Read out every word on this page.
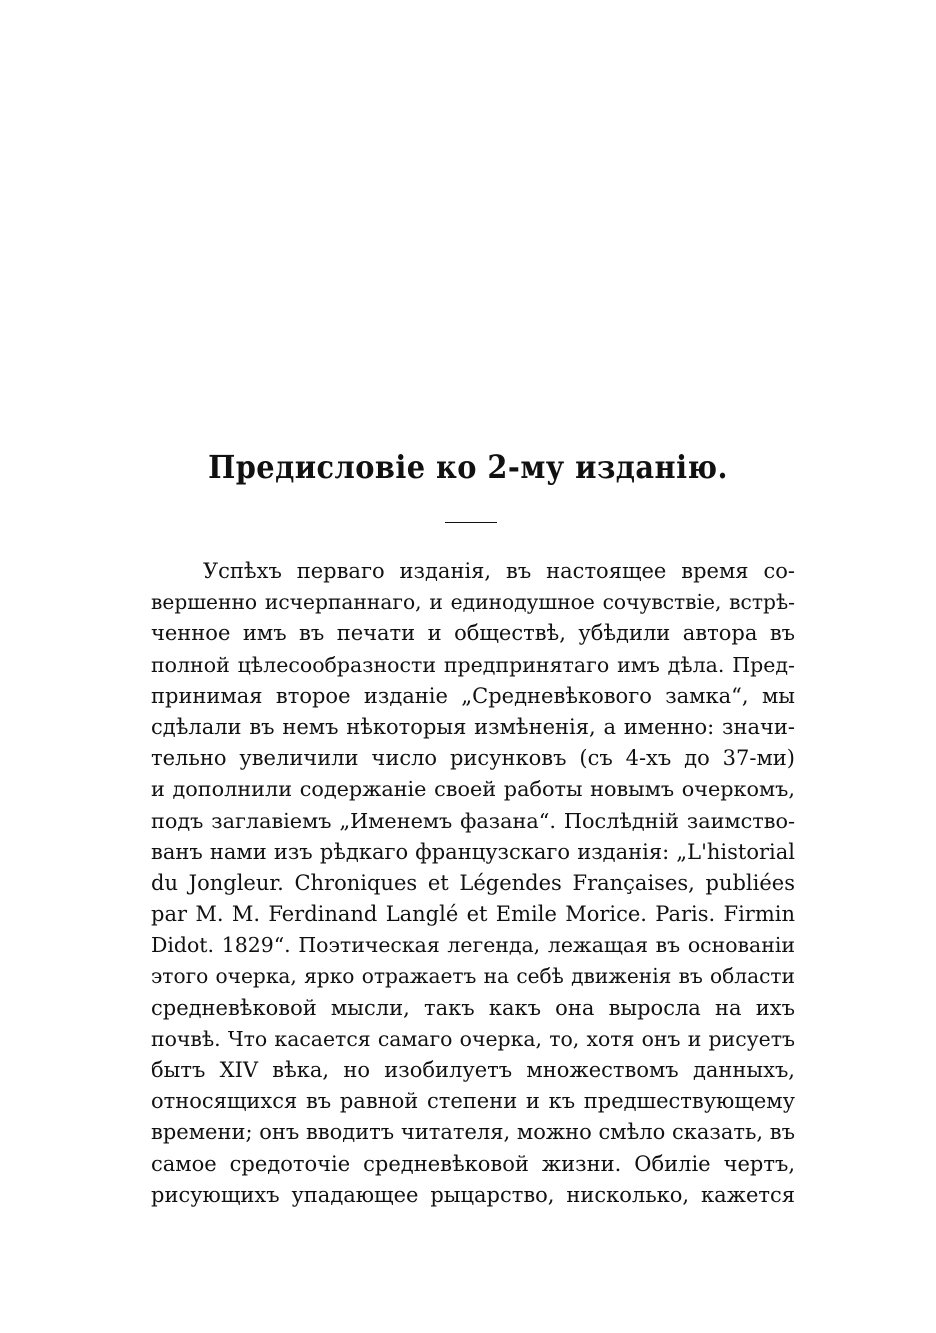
Предисловіе ко 2-му изданію.
Успѣхъ перваго изданія, въ настоящее время со-
вершенно исчерпаннаго, и единодушное сочувствіе, встрѣ-
ченное имъ въ печати и обществѣ, убѣдили автора въ
полной цѣлесообразности предпринятаго имъ дѣла. Пред-
принимая второе изданіе „Средневѣкового замка“, мы
сдѣлали въ немъ нѣкоторыя измѣненія, а именно: значи-
тельно увеличили число рисунковъ (съ 4-хъ до 37-ми)
и дополнили содержаніе своей работы новымъ очеркомъ,
подъ заглавіемъ „Именемъ фазана“. Послѣдній заимство-
ванъ нами изъ рѣдкаго французскаго изданія: „L'historial
du Jongleur. Chroniques et Légendes Françaises, publiées
par M. M. Ferdinand Langlé et Emile Morice. Paris. Firmin
Didot. 1829“. Поэтическая легенда, лежащая въ основаніи
этого очерка, ярко отражаетъ на себѣ движенія въ области
средневѣковой мысли, такъ какъ она выросла на ихъ
почвѣ. Что касается самаго очерка, то, хотя онъ и рисуетъ
бытъ XIV вѣка, но изобилуетъ множествомъ данныхъ,
относящихся въ равной степени и къ предшествующему
времени; онъ вводитъ читателя, можно смѣло сказать, въ
самое средоточіе средневѣковой жизни. Обиліе чертъ,
рисующихъ упадающее рыцарство, нисколько, кажется
